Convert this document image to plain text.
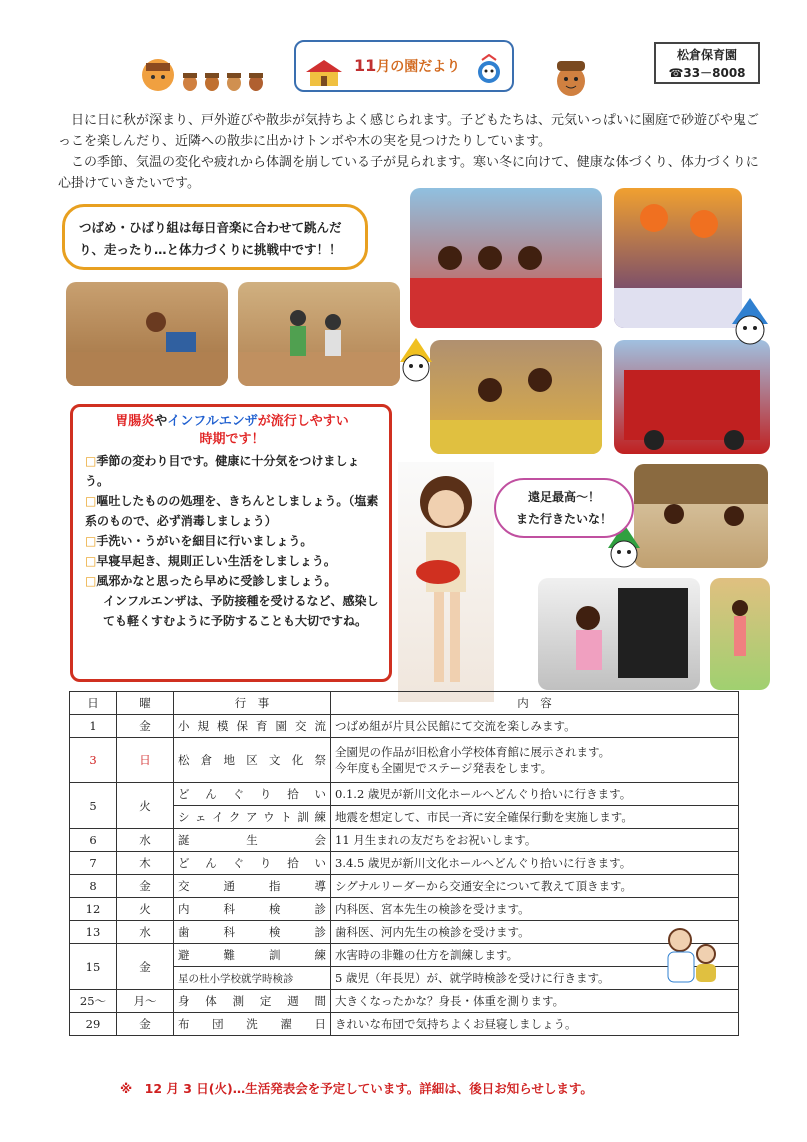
11月の園だより
松倉保育園
☎33－8008

日に日に秋が深まり、戸外遊びや散歩が気持ちよく感じられます。子どもたちは、元気いっぱいに園庭で砂遊びや鬼ごっこを楽しんだり、近隣への散歩に出かけトンボや木の実を見つけたりしています。

この季節、気温の変化や疲れから体調を崩している子が見られます。寒い冬に向けて、健康な体づくり、体力づくりに心掛けていきたいです。

つばめ・ひばり組は毎日音楽に合わせて跳んだり、走ったり…と体力づくりに挑戦中です！！
遠足最高～！
また行きたいな！
胃腸炎やインフルエンザが流行しやすい
時期です！
□季節の変わり目です。健康に十分気をつけましょう。
□嘔吐したものの処理を、きちんとしましょう。（塩素系のもので、必ず消毒しましょう）
□手洗い・うがいを細目に行いましょう。
□早寝早起き、規則正しい生活をしましょう。
□風邪かなと思ったら早めに受診しましょう。
インフルエンザは、予防接種を受けるなど、感染しても軽くすむように予防することも大切ですね。
日	曜	行　事	内　容
1	金	小規模保育園交流	つばめ組が片貝公民館にて交流を楽しみます。
3	日	松倉地区文化祭	全園児の作品が旧松倉小学校体育館に展示されます。
今年度も全園児でステージ発表をします。

5	火	どんぐり拾い	0.1.2 歳児が新川文化ホールへどんぐり拾いに行きます。
		シェイクアウト訓練	地震を想定して、市民一斉に安全確保行動を実施します。
6	水	誕生会	11 月生まれの友だちをお祝いします。
7	木	どんぐり拾い	3.4.5 歳児が新川文化ホールへどんぐり拾いに行きます。
8	金	交通指導	シグナルリーダーから交通安全について教えて頂きます。
12	火	内科検診	内科医、宮本先生の検診を受けます。
13	水	歯科検診	歯科医、河内先生の検診を受けます。
15	金	避難訓練	水害時の非難の仕方を訓練します。
		星の杜小学校就学時検診	5 歳児（年長児）が、就学時検診を受けに行きます。
25～	月～	身体測定週間	大きくなったかな？身長・体重を測ります。
29	金	布団洗濯日	きれいな布団で気持ちよくお昼寝しましょう。
※　12 月 3 日(火)…生活発表会を予定しています。詳細は、後日お知らせします。
